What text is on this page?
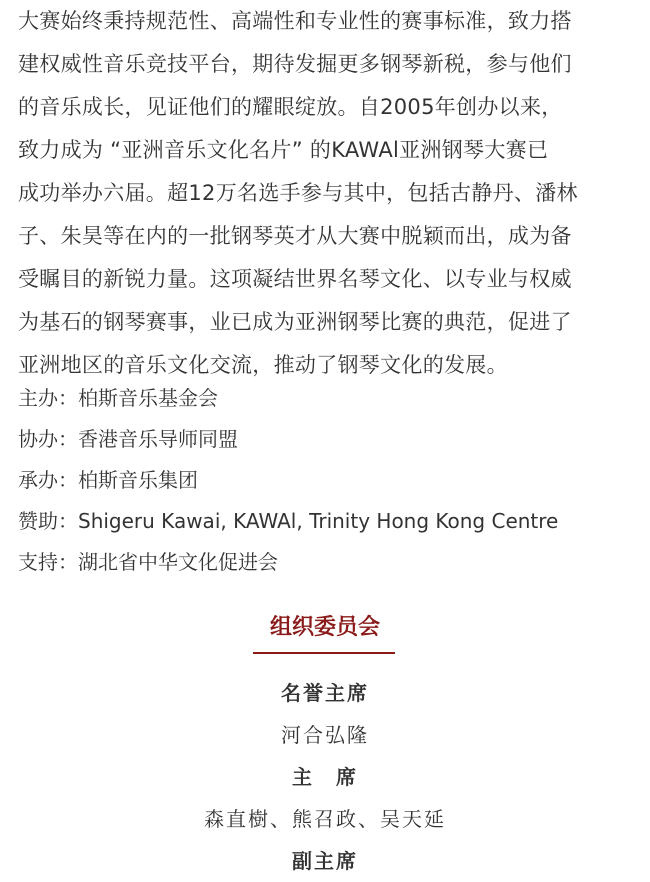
大赛始终秉持规范性、高端性和专业性的赛事标准，致力搭
建权威性音乐竞技平台，期待发掘更多钢琴新税，参与他们
的音乐成长，见证他们的耀眼绽放。自2005年创办以来，
致力成为 “亚洲音乐文化名片” 的KAWAl亚洲钢琴大赛已
成功举办六届。超12万名选手参与其中，包括古静丹、潘林
子、朱昊等在内的一批钢琴英才从大赛中脱颖而出，成为备
受瞩目的新锐力量。这项凝结世界名琴文化、以专业与权威
为基石的钢琴赛事，业已成为亚洲钢琴比赛的典范，促进了
亚洲地区的音乐文化交流，推动了钢琴文化的发展。
主办：柏斯音乐基金会
协办：香港音乐导师同盟
承办：柏斯音乐集团
赞助：Shigeru Kawai, KAWAl, Trinity Hong Kong Centre
支持：湖北省中华文化促进会
组织委员会
名誉主席
河合弘隆
主　席
森直樹、熊召政、吴天延
副主席
